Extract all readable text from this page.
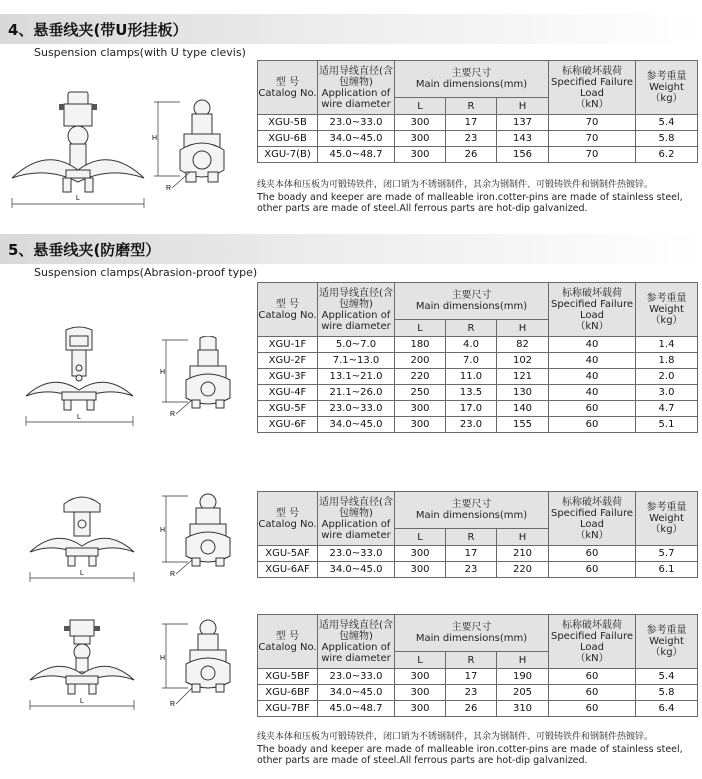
4、悬垂线夹(带U形挂板）
Suspension clamps(with U type clevis)
L
H
R
型 号
Catalog No.	适用导线直径(含包缠物)
Application of wire diameter	主要尺寸
Main dimensions(mm)			标称破坏载荷
Specified Failure Load
（kN）	参考重量
Weight
（kg）
		L	R	H		
XGU-5B	23.0~33.0	300	17	137	70	5.4
XGU-6B	34.0~45.0	300	23	143	70	5.8
XGU-7(B)	45.0~48.7	300	26	156	70	6.2
线夹本体和压板为可锻铸铁件，闭口销为不锈钢制件，其余为钢制件、可锻铸铁件和钢制件热镀锌。
The boady and keeper are made of malleable iron.cotter-pins are made of stainless steel, other parts are made of steel.All ferrous parts are hot-dip galvanized.
5、悬垂线夹(防磨型）
Suspension clamps(Abrasion-proof type)
L
H
R
型 号
Catalog No.	适用导线直径(含包缠物)
Application of wire diameter	主要尺寸
Main dimensions(mm)			标称破坏载荷
Specified Failure Load
（kN）	参考重量
Weight
（kg）
		L	R	H		
XGU-1F	5.0~7.0	180	4.0	82	40	1.4
XGU-2F	7.1~13.0	200	7.0	102	40	1.8
XGU-3F	13.1~21.0	220	11.0	121	40	2.0
XGU-4F	21.1~26.0	250	13.5	130	40	3.0
XGU-5F	23.0~33.0	300	17.0	140	60	4.7
XGU-6F	34.0~45.0	300	23.0	155	60	5.1
L
H
R
型 号
Catalog No.	适用导线直径(含包缠物)
Application of wire diameter	主要尺寸
Main dimensions(mm)			标称破坏载荷
Specified Failure Load
（kN）	参考重量
Weight
（kg）
		L	R	H		
XGU-5AF	23.0~33.0	300	17	210	60	5.7
XGU-6AF	34.0~45.0	300	23	220	60	6.1
L
H
R
型 号
Catalog No.	适用导线直径(含包缠物)
Application of wire diameter	主要尺寸
Main dimensions(mm)			标称破坏载荷
Specified Failure Load
（kN）	参考重量
Weight
（kg）
		L	R	H		
XGU-5BF	23.0~33.0	300	17	190	60	5.4
XGU-6BF	34.0~45.0	300	23	205	60	5.8
XGU-7BF	45.0~48.7	300	26	310	60	6.4
线夹本体和压板为可锻铸铁件，闭口销为不锈钢制件，其余为钢制件、可锻铸铁件和钢制件热镀锌。
The boady and keeper are made of malleable iron.cotter-pins are made of stainless steel, other parts are made of steel.All ferrous parts are hot-dip galvanized.
